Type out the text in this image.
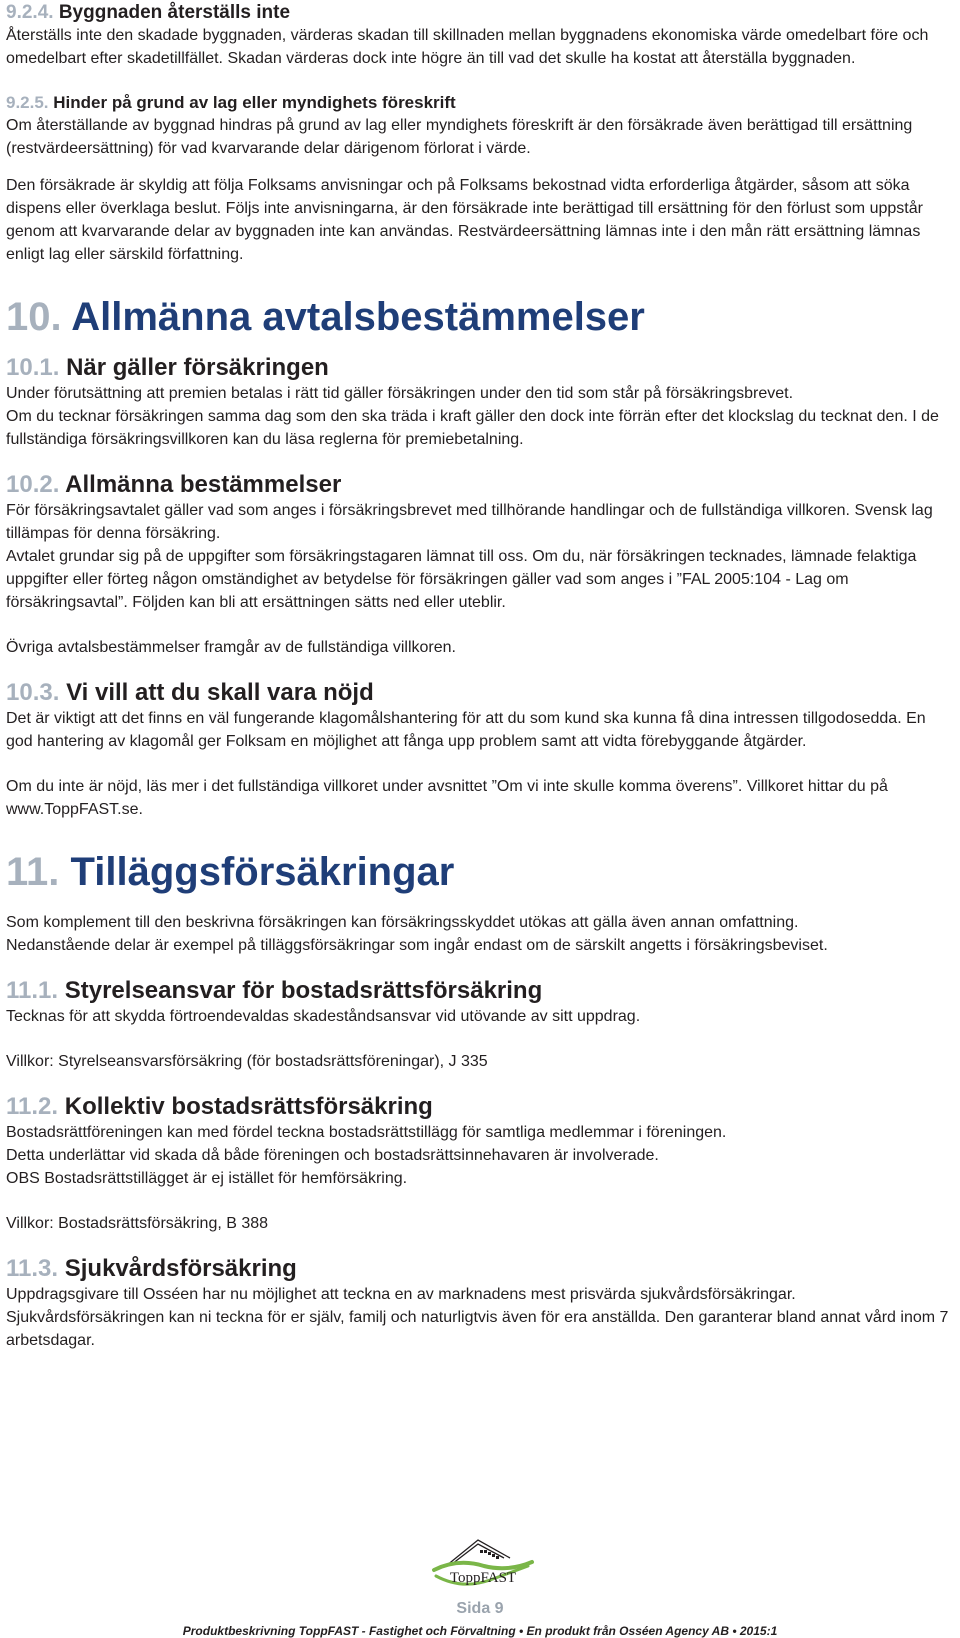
9.2.4. Byggnaden återställs inte

Återställs inte den skadade byggnaden, värderas skadan till skillnaden mellan byggnadens ekonomiska värde omedelbart före och omedelbart efter skadetillfället. Skadan värderas dock inte högre än till vad det skulle ha kostat att återställa byggnaden.

9.2.5. Hinder på grund av lag eller myndighets föreskrift

Om återställande av byggnad hindras på grund av lag eller myndighets föreskrift är den försäkrade även berättigad till ersättning (restvärdeersättning) för vad kvarvarande delar därigenom förlorat i värde.

Den försäkrade är skyldig att följa Folksams anvisningar och på Folksams bekostnad vidta erforderliga åtgärder, såsom att söka dispens eller överklaga beslut. Följs inte anvisningarna, är den försäkrade inte berättigad till ersättning för den förlust som uppstår genom att kvarvarande delar av byggnaden inte kan användas. Restvärdeersättning lämnas inte i den mån rätt ersättning lämnas enligt lag eller särskild författning.

10. Allmänna avtalsbestämmelser

10.1. När gäller försäkringen

Under förutsättning att premien betalas i rätt tid gäller försäkringen under den tid som står på försäkringsbrevet.

Om du tecknar försäkringen samma dag som den ska träda i kraft gäller den dock inte förrän efter det klockslag du tecknat den. I de fullständiga försäkringsvillkoren kan du läsa reglerna för premiebetalning.

10.2. Allmänna bestämmelser

För försäkringsavtalet gäller vad som anges i försäkringsbrevet med tillhörande handlingar och de fullständiga villkoren. Svensk lag tillämpas för denna försäkring.

Avtalet grundar sig på de uppgifter som försäkringstagaren lämnat till oss. Om du, när försäkringen tecknades, lämnade felaktiga uppgifter eller förteg någon omständighet av betydelse för försäkringen gäller vad som anges i ”FAL 2005:104 - Lag om försäkringsavtal”. Följden kan bli att ersättningen sätts ned eller uteblir.

Övriga avtalsbestämmelser framgår av de fullständiga villkoren.

10.3. Vi vill att du skall vara nöjd

Det är viktigt att det finns en väl fungerande klagomålshantering för att du som kund ska kunna få dina intressen tillgodosedda. En god hantering av klagomål ger Folksam en möjlighet att fånga upp problem samt att vidta förebyggande åtgärder.

Om du inte är nöjd, läs mer i det fullständiga villkoret under avsnittet ”Om vi inte skulle komma överens”. Villkoret hittar du på www.ToppFAST.se.

11. Tilläggsförsäkringar

Som komplement till den beskrivna försäkringen kan försäkringsskyddet utökas att gälla även annan omfattning.

Nedanstående delar är exempel på tilläggsförsäkringar som ingår endast om de särskilt angetts i försäkringsbeviset.

11.1. Styrelseansvar för bostadsrättsförsäkring

Tecknas för att skydda förtroendevaldas skadeståndsansvar vid utövande av sitt uppdrag.

Villkor: Styrelseansvarsförsäkring (för bostadsrättsföreningar), J 335

11.2. Kollektiv bostadsrättsförsäkring

Bostadsrättföreningen kan med fördel teckna bostadsrättstillägg för samtliga medlemmar i föreningen.

Detta underlättar vid skada då både föreningen och bostadsrättsinnehavaren är involverade.

OBS Bostadsrättstillägget är ej istället för hemförsäkring.

Villkor: Bostadsrättsförsäkring, B 388

11.3. Sjukvårdsförsäkring

Uppdragsgivare till Osséen har nu möjlighet att teckna en av marknadens mest prisvärda sjukvårdsförsäkringar.

Sjukvårdsförsäkringen kan ni teckna för er själv, familj och naturligtvis även för era anställda. Den garanterar bland annat vård inom 7 arbetsdagar.

ToppFAST
Sida 9
Produktbeskrivning ToppFAST - Fastighet och Förvaltning • En produkt från Osséen Agency AB • 2015:1
